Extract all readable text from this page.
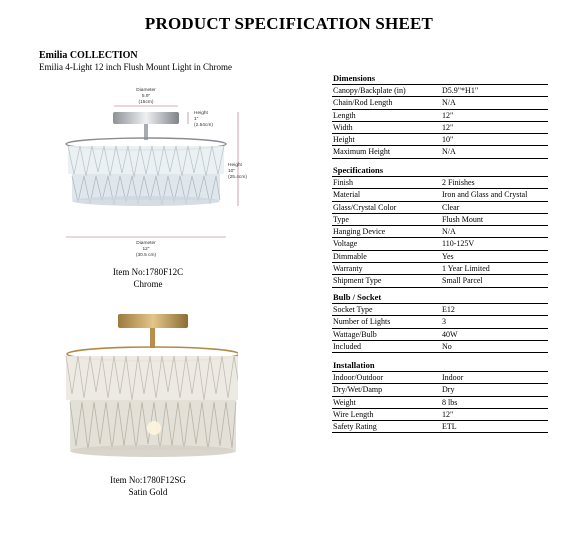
PRODUCT SPECIFICATION SHEET
Emilia COLLECTION
Emilia 4-Light 12 inch Flush Mount Light in Chrome
Diameter
5.9"
(15cm)
Height
1"
(2.54cm)
Height
10"
(25.4cm)
Diameter
12"
(30.5 cm)
Item No:1780F12C
Chrome
Item No:1780F12SG
Satin Gold
Dimensions
Canopy/Backplate (in)	D5.9"*H1"
Chain/Rod Length	N/A
Length	12"
Width	12"
Height	10"
Maximum Height	N/A
Specifications
Finish	2 Finishes
Material	Iron and Glass and Crystal
Glass/Crystal Color	Clear
Type	Flush Mount
Hanging Device	N/A
Voltage	110-125V
Dimmable	Yes
Warranty	1 Year Limited
Shipment Type	Small Parcel
Bulb / Socket
Socket Type	E12
Number of Lights	3
Wattage/Bulb	40W
Included	No
Installation
Indoor/Outdoor	Indoor
Dry/Wet/Damp	Dry
Weight	8 lbs
Wire Length	12"
Safety Rating	ETL
